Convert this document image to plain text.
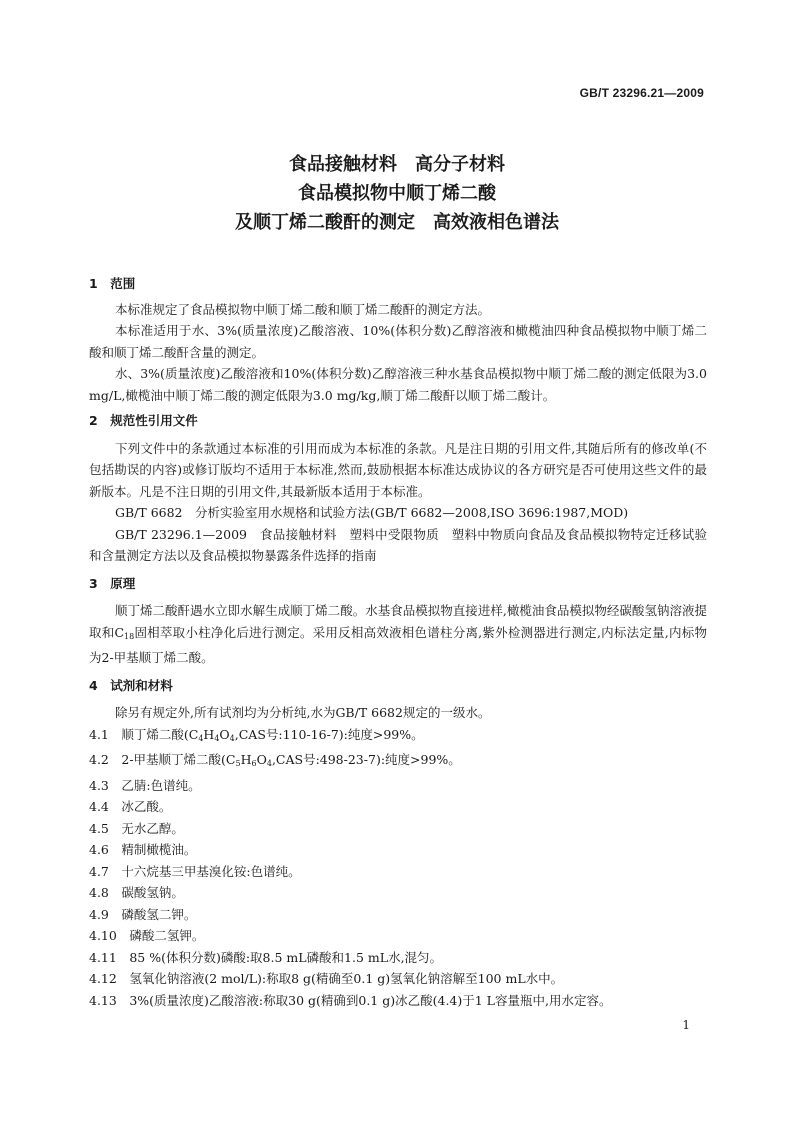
GB/T 23296.21—2009
食品接触材料　高分子材料
食品模拟物中顺丁烯二酸
及顺丁烯二酸酐的测定　高效液相色谱法
1　范围
本标准规定了食品模拟物中顺丁烯二酸和顺丁烯二酸酐的测定方法。
本标准适用于水、3%(质量浓度)乙酸溶液、10%(体积分数)乙醇溶液和橄榄油四种食品模拟物中顺丁烯二酸和顺丁烯二酸酐含量的测定。
水、3%(质量浓度)乙酸溶液和10%(体积分数)乙醇溶液三种水基食品模拟物中顺丁烯二酸的测定低限为3.0 mg/L,橄榄油中顺丁烯二酸的测定低限为3.0 mg/kg,顺丁烯二酸酐以顺丁烯二酸计。
2　规范性引用文件
下列文件中的条款通过本标准的引用而成为本标准的条款。凡是注日期的引用文件,其随后所有的修改单(不包括勘误的内容)或修订版均不适用于本标准,然而,鼓励根据本标准达成协议的各方研究是否可使用这些文件的最新版本。凡是不注日期的引用文件,其最新版本适用于本标准。
GB/T 6682　分析实验室用水规格和试验方法(GB/T 6682—2008,ISO 3696:1987,MOD)
GB/T 23296.1—2009　食品接触材料　塑料中受限物质　塑料中物质向食品及食品模拟物特定迁移试验和含量测定方法以及食品模拟物暴露条件选择的指南
3　原理
顺丁烯二酸酐遇水立即水解生成顺丁烯二酸。水基食品模拟物直接进样,橄榄油食品模拟物经碳酸氢钠溶液提取和$C_{18}$固相萃取小柱净化后进行测定。采用反相高效液相色谱柱分离,紫外检测器进行测定,内标法定量,内标物为2-甲基顺丁烯二酸。
4　试剂和材料
除另有规定外,所有试剂均为分析纯,水为GB/T 6682规定的一级水。
4.1　顺丁烯二酸($C_4H_4O_4,CAS$号:110-16-7):纯度>99%。
4.2　2-甲基顺丁烯二酸($C_5H_6O_4,CAS$号:498-23-7):纯度>99%。
4.3　乙腈:色谱纯。
4.4　冰乙酸。
4.5　无水乙醇。
4.6　精制橄榄油。
4.7　十六烷基三甲基溴化铵:色谱纯。
4.8　碳酸氢钠。
4.9　磷酸氢二钾。
4.10　磷酸二氢钾。
4.11　85 %(体积分数)磷酸:取8.5 mL磷酸和1.5 mL水,混匀。
4.12　氢氧化钠溶液(2 mol/L):称取8 g(精确至0.1 g)氢氧化钠溶解至100 mL水中。
4.13　3%(质量浓度)乙酸溶液:称取30 g(精确到0.1 g)冰乙酸(4.4)于1 L容量瓶中,用水定容。
1
